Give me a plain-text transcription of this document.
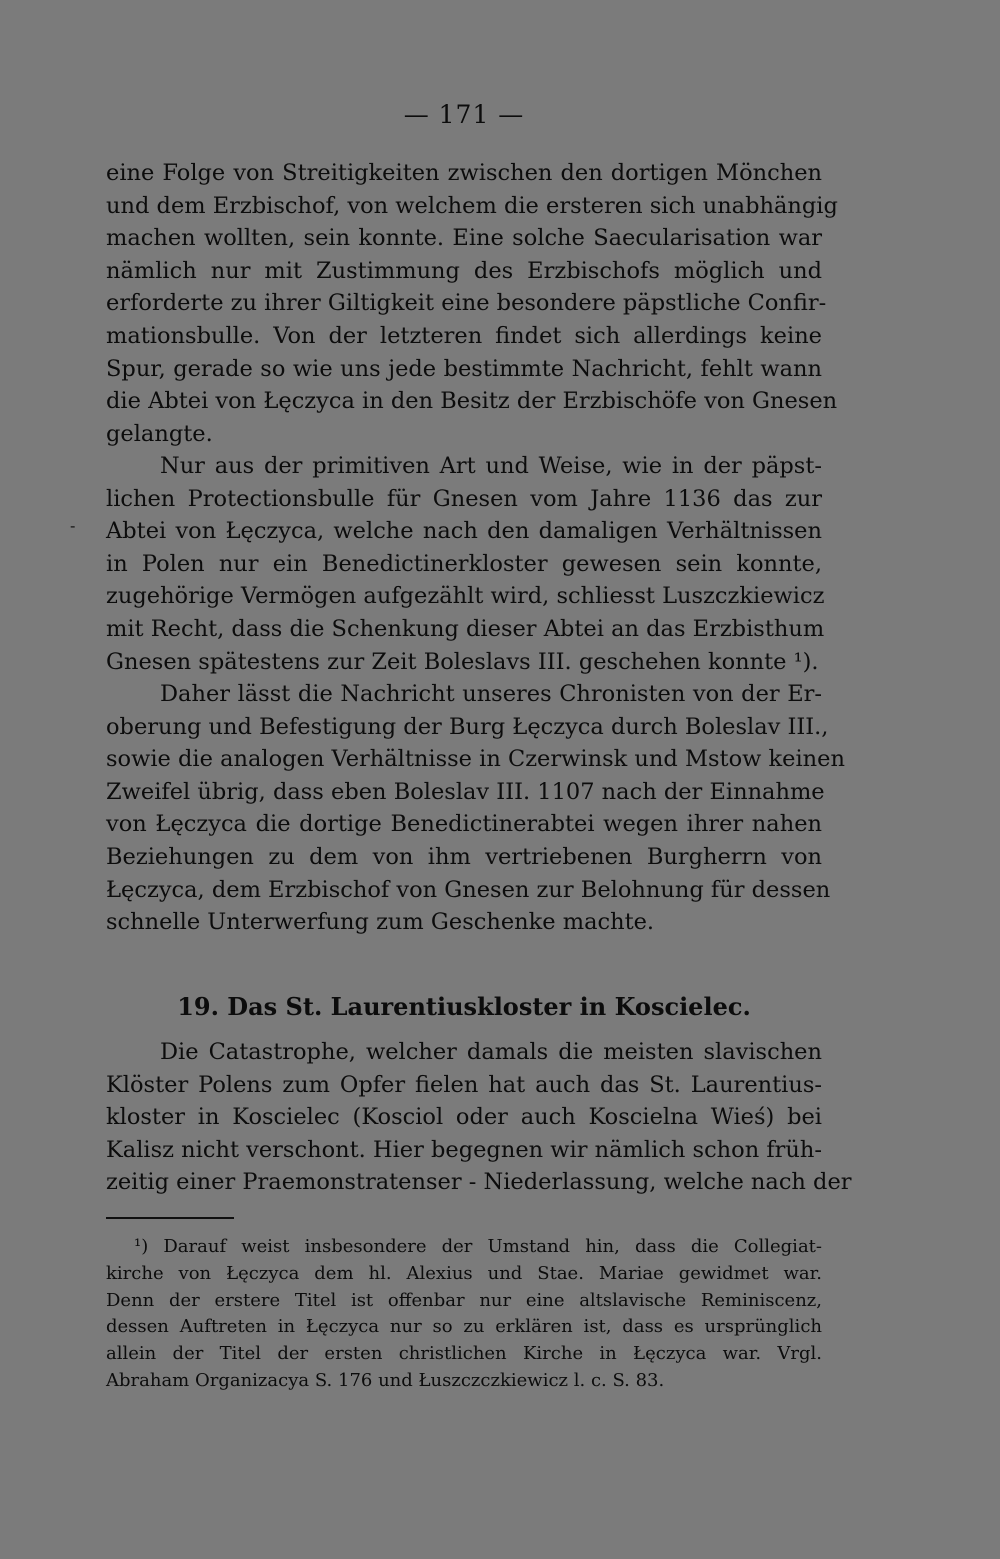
— 171 —
-
eine Folge von Streitigkeiten zwischen den dortigen Mönchen
und dem Erzbischof, von welchem die ersteren sich unabhängig
machen wollten, sein konnte. Eine solche Saecularisation war
nämlich nur mit Zustimmung des Erzbischofs möglich und
erforderte zu ihrer Giltigkeit eine besondere päpstliche Confir-
mationsbulle. Von der letzteren findet sich allerdings keine
Spur, gerade so wie uns jede bestimmte Nachricht, fehlt wann
die Abtei von Łęczyca in den Besitz der Erzbischöfe von Gnesen
gelangte.
Nur aus der primitiven Art und Weise, wie in der päpst-
lichen Protectionsbulle für Gnesen vom Jahre 1136 das zur
Abtei von Łęczyca, welche nach den damaligen Verhältnissen
in Polen nur ein Benedictinerkloster gewesen sein konnte,
zugehörige Vermögen aufgezählt wird, schliesst Luszczkiewicz
mit Recht, dass die Schenkung dieser Abtei an das Erzbisthum
Gnesen spätestens zur Zeit Boleslavs III. geschehen konnte ¹).
Daher lässt die Nachricht unseres Chronisten von der Er-
oberung und Befestigung der Burg Łęczyca durch Boleslav III.,
sowie die analogen Verhältnisse in Czerwinsk und Mstow keinen
Zweifel übrig, dass eben Boleslav III. 1107 nach der Einnahme
von Łęczyca die dortige Benedictinerabtei wegen ihrer nahen
Beziehungen zu dem von ihm vertriebenen Burgherrn von
Łęczyca, dem Erzbischof von Gnesen zur Belohnung für dessen
schnelle Unterwerfung zum Geschenke machte.
19. Das St. Laurentiuskloster in Koscielec.
Die Catastrophe, welcher damals die meisten slavischen
Klöster Polens zum Opfer fielen hat auch das St. Laurentius-
kloster in Koscielec (Kosciol oder auch Koscielna Wieś) bei
Kalisz nicht verschont. Hier begegnen wir nämlich schon früh-
zeitig einer Praemonstratenser - Niederlassung, welche nach der
¹) Darauf weist insbesondere der Umstand hin, dass die Collegiat-
kirche von Łęczyca dem hl. Alexius und Stae. Mariae gewidmet war.
Denn der erstere Titel ist offenbar nur eine altslavische Reminiscenz,
dessen Auftreten in Łęczyca nur so zu erklären ist, dass es ursprünglich
allein der Titel der ersten christlichen Kirche in Łęczyca war. Vrgl.
Abraham Organizacya S. 176 und Łuszczczkiewicz l. c. S. 83.
